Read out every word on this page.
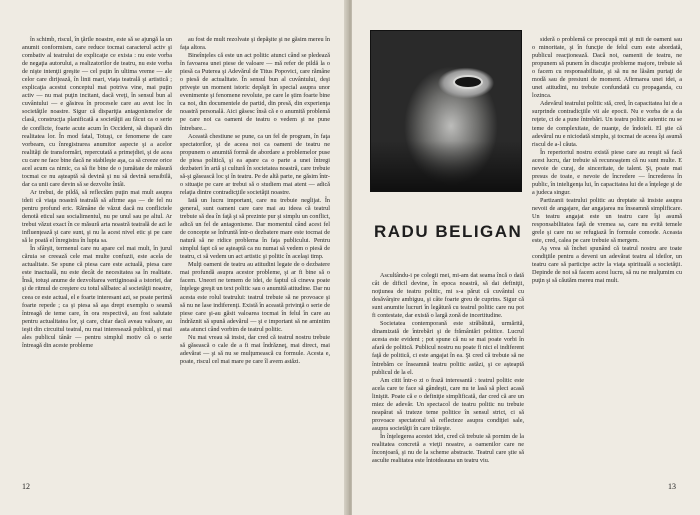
în schimb, riscul, în ţările noastre, este să se ajungă la un anumit conformism, care reduce tocmai caracterul activ şi combativ al teatrului de explicaţie ce exista : nu este vorba de negaţia autorului, a realizatorilor de teatru, nu este vorba de nişte intenţii greşite — cel puţin în ultima vreme — ale celor care dirijează, în linii mari, viaţa teatrală şi artistică ; explicaţia acestui conceptul mai potriva vine, mai puţin activ — nu mai puţin incitant, dacă vreţi, în sensul bun al cuvântului — e găsirea în procesele care au avut loc în societăţile noastre. Sigur că dispariţia antagonismelor de clasă, construcţia planificată a societăţii au făcut ca o serie de conflicte, foarte acute acum în Occident, să dispară din realitatea lor. În mod fatal, Totuşi, ce fenomene de care vorbeam, cu înregistrarea anumitor aspecte şi a acelor realităţi de transformări, repercutată a primejdiei, şi de acea cu care ne face bine dacă ne stabileşte aşa, ca să creeze orice acel acum ca nimic, ca să fie bine de o jumătate de măsură tocmai ce nu aşteaptă să devină şi nu să devină sensibilă, dar ca unii care devin să se dezvolte întâi.

Ar trebui, de pildă, să reflectăm puţin mai mult asupra ideii că viaţa noastră teatrală să afirme aşa — de fel nu pentru profund eric. Rămâne de văzut dacă nu conflictele denotă eticul sau socialimentul, nu pe unul sau pe altul. Ar trebui văzut exact în ce măsură arta noastră teatrală de azi le influenţează şi care sunt, şi nu la acest nivel etic şi pe care să le poată el înregistra în lupta sa.

În sfârşit, termenul care nu apare cel mai mult, în jurul căruia se creează cele mai multe confuzii, este acela de actualitate. Se spune că piesa care este actuală, piesa care este inactuală, nu este decât de necesitatea sa în realitate. Însă, totuşi anume de dezvoltarea vertiginoasă a istoriei, dar şi de ritmul de creştere cu totul sălbatec al societăţii noastre, ceea ce este actual, el e foarte interesant azi, se poate perimă foarte repede ; ca şi piesa să aşa drept exemplu o seamă întreagă de teme care, în ora respectivă, au fost salutate pentru actualitatea lor, şi care, chiar dacă aveau valoare, au ieşit din circuitul teatral, nu mai interesează publicul, şi mai ales publicul tânăr — pentru simplul motiv că o serie întreagă din aceste probleme

au fost de mult rezolvate şi depăşite şi ne găsim mereu în faţa altora.

Bineînţeles că este un act politic atunci când se pledează în favoarea unei piese de valoare — mă refer de pildă la o piesă ca Puterea şi Adevărul de Titus Popovici, care rămâne o piesă de actualitate. În sensul bun al cuvântului, deşi priveşte un moment istoric depăşit în special asupra unor evenimente şi fenomene revolute, pe care le ştim foarte bine ca noi, din documentele de partid, din presă, din experienţa noastră personală. Aici găsesc însă că e o anumită problemă pe care noi ca oameni de teatru o vedem şi ne pune întrebare...

Această chestiune se pune, ca un fel de program, în faţa spectatorilor, şi de aceea noi ca oameni de teatru ne propunem o anumită formă de abordare a problemelor puse de piesa politică, şi ea apare ca o parte a unei întregi dezbateri în artă şi cultură în societatea noastră, care trebuie să-şi găsească loc şi în teatru. Pe de altă parte, ne găsim într-o situaţie pe care ar trebui să o studiem mai atent — adică relaţia dintre contradicţiile societăţii noastre.

Iată un lucru important, care nu trebuie neglijat. În general, sunt oameni care care mai au ideea că teatrul trebuie să dea în faţă şi să prezinte pur şi simplu un conflict, adică un fel de antagonisme. Dar momentul când acest fel de concepte se înfruntă într-o dezbatere mare este tocmai de natură să ne ridice problema în faţa publicului. Pentru simplul fapt că se aşteaptă ca nu numai să vedem o piesă de teatru, ci să vedem un act artistic şi politic în acelaşi timp.

Mulţi oameni de teatru au atitudini legate de o dezbatere mai profundă asupra acestor probleme, şi ar fi bine să o facem. Uneori ne temem de idei, de faptul că cineva poate înţelege greşit un text politic sau o anumită atitudine. Dar nu acesta este rolul teatrului: teatrul trebuie să ne provoace şi să nu ne lase indiferenţi. Există în această privinţă o serie de piese care şi-au găsit valoarea tocmai în felul în care au îndrăznit să spună adevărul — şi e important să ne amintim asta atunci când vorbim de teatrul politic.

Nu mai vreau să insist, dar cred că teatrul nostru trebuie să găsească o cale de a fi mai îndrăzneţ, mai direct, mai adevărat — şi să nu se mulţumească cu formule. Acesta e, poate, riscul cel mai mare pe care îl avem astăzi.

12
RADU BELIGAN

Ascultându-i pe colegii mei, mi-am dat seama încă o dată cât de dificil devine, în epoca noastră, să dai definiţii, noţiunea de teatru politic, mi s-a părut că cuvântul cu desăvârşire ambiguu, şi câte foarte greu de cuprins. Sigur că sunt anumite lucruri în legătură cu teatrul politic care nu pot fi contestate, dar există o largă zonă de incertitudine.

Societatea contemporană este străbătută, urmărită, dinamizată de întrebări şi de frământări politice. Lucrul acesta este evident ; pot spune că nu se mai poate vorbi în afară de politică. Publicul nostru nu poate fi nici el indiferent faţă de politică, ci este angajat în ea. Şi cred că trebuie să ne întrebăm ce înseamnă teatru politic astăzi, şi ce aşteaptă publicul de la el.

Am citit într-o zi o frază interesantă : teatrul politic este acela care te face să gândeşti, care nu te lasă să pleci acasă liniştit. Poate că e o definiţie simplificată, dar cred că are un miez de adevăr. Un spectacol de teatru politic nu trebuie neapărat să trateze teme politice în sensul strict, ci să provoace spectatorul să reflecteze asupra condiţiei sale, asupra societăţii în care trăieşte.

În înţelegerea acestei idei, cred că trebuie să pornim de la realitatea concretă a vieţii noastre, a oamenilor care ne înconjoară, şi nu de la scheme abstracte. Teatrul care ştie să asculte realitatea este întotdeauna un teatru viu.

sideră o problemă ce preocupă mii şi mii de oameni sau o minoritate, şi în funcţie de felul cum este abordată, publicul reacţionează. Dacă noi, oamenii de teatru, ne propunem să punem în discuţie probleme majore, trebuie să o facem cu responsabilitate, şi să nu ne lăsăm purtaţi de modă sau de presiuni de moment. Afirmarea unei idei, a unei atitudini, nu trebuie confundată cu propaganda, cu lozinca.

Adevărul teatrului politic stă, cred, în capacitatea lui de a surprinde contradicţiile vii ale epocii. Nu e vorba de a da reţete, ci de a pune întrebări. Un teatru politic autentic nu se teme de complexitate, de nuanţe, de îndoieli. El ştie că adevărul nu e niciodată simplu, şi tocmai de aceea îşi asumă riscul de a-l căuta.

În repertoriul nostru există piese care au reuşit să facă acest lucru, dar trebuie să recunoaştem că nu sunt multe. E nevoie de curaj, de sinceritate, de talent. Şi, poate mai presus de toate, e nevoie de încredere — încrederea în public, în inteligenţa lui, în capacitatea lui de a înţelege şi de a judeca singur.

Partizanii teatrului politic au dreptate să insiste asupra nevoii de angajare, dar angajarea nu înseamnă simplificare. Un teatru angajat este un teatru care îşi asumă responsabilitatea faţă de vremea sa, care nu evită temele grele şi care nu se refugiază în formule comode. Aceasta este, cred, calea pe care trebuie să mergem.

Aş vrea să închei spunând că teatrul nostru are toate condiţiile pentru a deveni un adevărat teatru al ideilor, un teatru care să participe activ la viaţa spirituală a societăţii. Depinde de noi să facem acest lucru, să nu ne mulţumim cu puţin şi să căutăm mereu mai mult.

13
